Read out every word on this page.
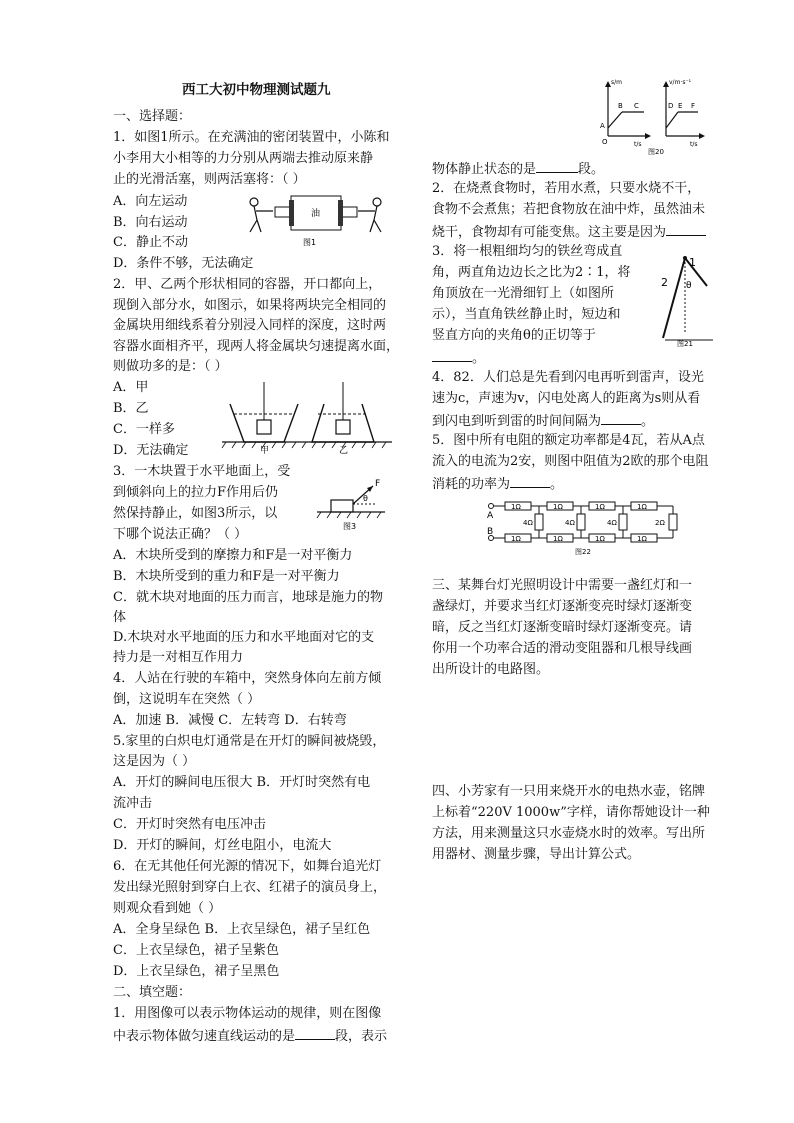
西工大初中物理测试题九
一、选择题：
1．如图1所示。在充满油的密闭装置中，小陈和
小李用大小相等的力分别从两端去推动原来静
止的光滑活塞，则两活塞将：（ ）
A．向左运动
B．向右运动
C．静止不动
D．条件不够，无法确定
油
图1
2．甲、乙两个形状相同的容器，开口都向上，
现倒入部分水，如图示，如果将两块完全相同的
金属块用细线系着分别浸入同样的深度，这时两
容器水面相齐平，现两人将金属块匀速提离水面，
则做功多的是：（ ）
A．甲
B．乙
C．一样多
D．无法确定	甲	乙
3．一木块置于水平地面上，受
到倾斜向上的拉力F作用后仍
然保持静止，如图3所示，以
下哪个说法正确？（ ）
A．木块所受到的摩擦力和F是一对平衡力
B．木块所受到的重力和F是一对平衡力
C．就木块对地面的压力而言，地球是施力的物
体
D.木块对水平地面的压力和水平地面对它的支
持力是一对相互作用力
F
θ
图3
4．人站在行驶的车箱中，突然身体向左前方倾
倒，这说明车在突然（ ）
A．加速 B．减慢 C．左转弯 D．右转弯
5.家里的白炽电灯通常是在开灯的瞬间被烧毁，
这是因为（ ）
A．开灯的瞬间电压很大 B．开灯时突然有电
流冲击
C．开灯时突然有电压冲击
D．开灯的瞬间，灯丝电阻小，电流大
6．在无其他任何光源的情况下，如舞台追光灯
发出绿光照射到穿白上衣、红裙子的演员身上，
则观众看到她（ ）
A．全身呈绿色 B．上衣呈绿色，裙子呈红色
C．上衣呈绿色，裙子呈紫色
D．上衣呈绿色，裙子呈黑色
二、填空题：
1．用图像可以表示物体运动的规律，则在图像
中表示物体做匀速直线运动的是	段，表示
s/m
t/s
A
B C
O
v/m·s⁻¹
t/s
D E F
图20
物体静止状态的是	段。
2．在烧煮食物时，若用水煮，只要水烧不干，
食物不会煮焦；若把食物放在油中炸，虽然油未
烧干，食物却有可能变焦。这主要是因为
3．将一根粗细均匀的铁丝弯成直
角，两直角边边长之比为2∶1，将
角顶放在一光滑细钉上（如图所
示），当直角铁丝静止时，短边和
竖直方向的夹角θ的正切等于
。
2
1
θ
图21
4．82．人们总是先看到闪电再听到雷声，设光
速为c，声速为v，闪电处离人的距离为s则从看
到闪电到听到雷的时间间隔为	。
5．图中所有电阻的额定功率都是4瓦，若从A点
流入的电流为2安，则图中阻值为2欧的那个电阻
消耗的功率为	。
A
B
1Ω	1Ω	1Ω	1Ω
1Ω	1Ω	1Ω	1Ω
4Ω	4Ω	4Ω	2Ω
图22
三、某舞台灯光照明设计中需要一盏红灯和一
盏绿灯，并要求当红灯逐渐变亮时绿灯逐渐变
暗，反之当红灯逐渐变暗时绿灯逐渐变亮。请
你用一个功率合适的滑动变阻器和几根导线画
出所设计的电路图。
四、小芳家有一只用来烧开水的电热水壶，铭牌
上标着“220V 1000w”字样，请你帮她设计一种
方法，用来测量这只水壶烧水时的效率。写出所
用器材、测量步骤，导出计算公式。
